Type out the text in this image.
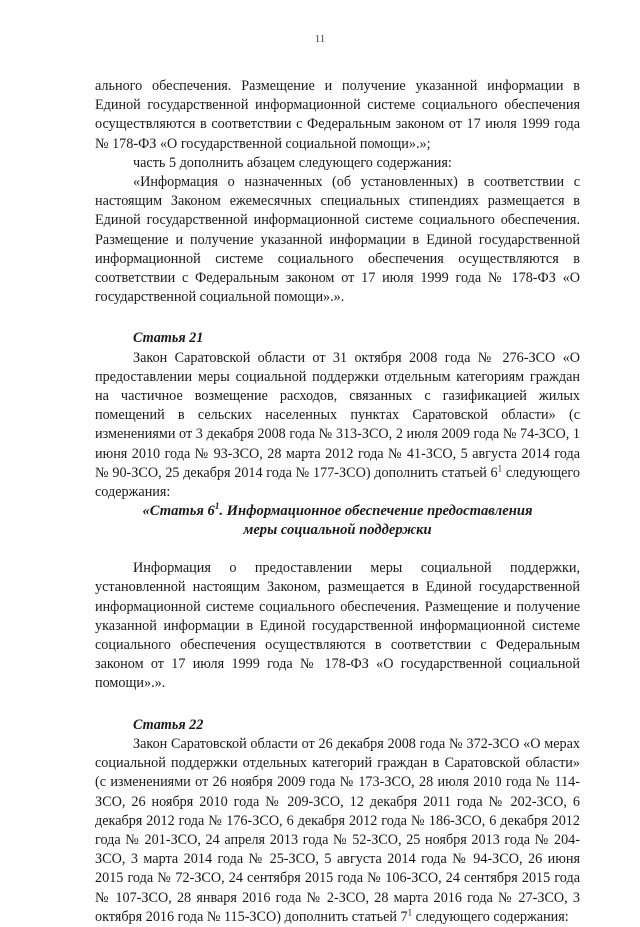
11

ального обеспечения. Размещение и получение указанной информации в Единой государственной информационной системе социального обеспечения осуществляются в соответствии с Федеральным законом от 17 июля 1999 года № 178-ФЗ «О государственной социальной помощи».»;

часть 5 дополнить абзацем следующего содержания:

«Информация о назначенных (об установленных) в соответствии с настоящим Законом ежемесячных специальных стипендиях размещается в Единой государственной информационной системе социального обеспечения. Размещение и получение указанной информации в Единой государственной информационной системе социального обеспечения осуществляются в соответствии с Федеральным законом от 17 июля 1999 года № 178-ФЗ «О государственной социальной помощи».».

Статья 21

Закон Саратовской области от 31 октября 2008 года № 276-ЗСО «О предоставлении меры социальной поддержки отдельным категориям граждан на частичное возмещение расходов, связанных с газификацией жилых помещений в сельских населенных пунктах Саратовской области» (с изменениями от 3 декабря 2008 года № 313-ЗСО, 2 июля 2009 года № 74-ЗСО, 1 июня 2010 года № 93-ЗСО, 28 марта 2012 года № 41-ЗСО, 5 августа 2014 года № 90-ЗСО, 25 декабря 2014 года № 177-ЗСО) дополнить статьей $6^1$ следующего содержания:

«Статья $6^1$. Информационное обеспечение предоставления
меры социальной поддержки

Информация о предоставлении меры социальной поддержки, установленной настоящим Законом, размещается в Единой государственной информационной системе социального обеспечения. Размещение и получение указанной информации в Единой государственной информационной системе социального обеспечения осуществляются в соответствии с Федеральным законом от 17 июля 1999 года № 178-ФЗ «О государственной социальной помощи».».

Статья 22

Закон Саратовской области от 26 декабря 2008 года № 372-ЗСО «О мерах социальной поддержки отдельных категорий граждан в Саратовской области» (с изменениями от 26 ноября 2009 года № 173-ЗСО, 28 июля 2010 года № 114-ЗСО, 26 ноября 2010 года № 209-ЗСО, 12 декабря 2011 года № 202-ЗСО, 6 декабря 2012 года № 176-ЗСО, 6 декабря 2012 года № 186-ЗСО, 6 декабря 2012 года № 201-ЗСО, 24 апреля 2013 года № 52-ЗСО, 25 ноября 2013 года № 204-ЗСО, 3 марта 2014 года № 25-ЗСО, 5 августа 2014 года № 94-ЗСО, 26 июня 2015 года № 72-ЗСО, 24 сентября 2015 года № 106-ЗСО, 24 сентября 2015 года № 107-ЗСО, 28 января 2016 года № 2-ЗСО, 28 марта 2016 года № 27-ЗСО, 3 октября 2016 года № 115-ЗСО) дополнить статьей $7^1$ следующего содержания:
